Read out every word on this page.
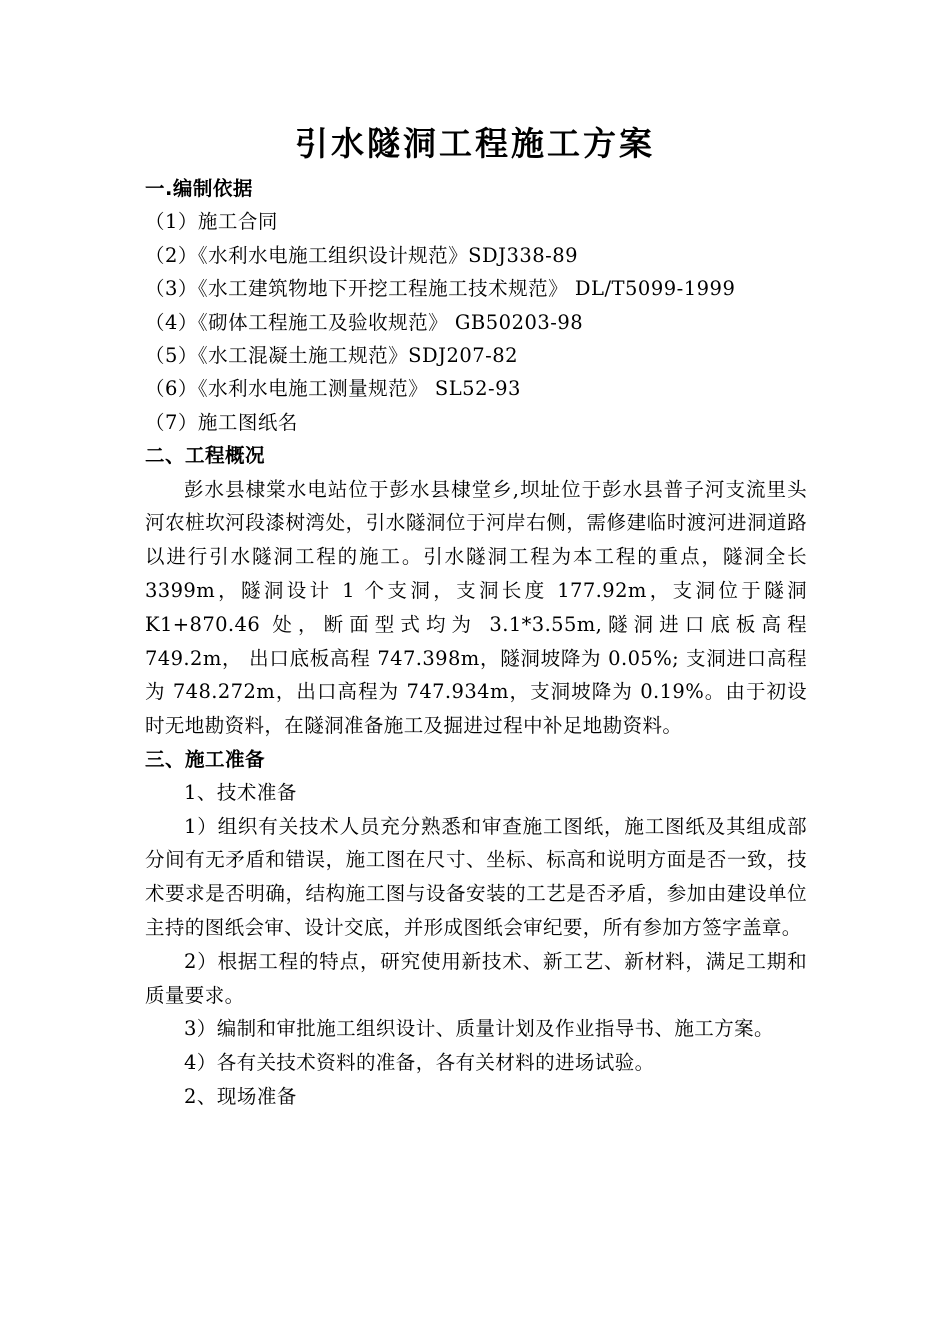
引水隧洞工程施工方案
一.编制依据
（1）施工合同
（2）《水利水电施工组织设计规范》SDJ338-89
（3）《水工建筑物地下开挖工程施工技术规范》 DL/T5099-1999
（4）《砌体工程施工及验收规范》 GB50203-98
（5）《水工混凝土施工规范》SDJ207-82
（6）《水利水电施工测量规范》 SL52-93
（7）施工图纸名
二、工程概况

彭水县棣棠水电站位于彭水县棣堂乡,坝址位于彭水县普子河支流里头河农桩坎河段漆树湾处，引水隧洞位于河岸右侧，需修建临时渡河进洞道路以进行引水隧洞工程的施工。引水隧洞工程为本工程的重点，隧洞全长 3399m，隧洞设计 1 个支洞，支洞长度 177.92m，支洞位于隧洞 K1+870.46 处，断面型式均为 3.1*3.55m,隧洞进口底板高程 749.2m， 出口底板高程 747.398m，隧洞坡降为 0.05%; 支洞进口高程为 748.272m，出口高程为 747.934m，支洞坡降为 0.19%。由于初设时无地勘资料，在隧洞准备施工及掘进过程中补足地勘资料。

三、施工准备
1、技术准备

1）组织有关技术人员充分熟悉和审查施工图纸，施工图纸及其组成部分间有无矛盾和错误，施工图在尺寸、坐标、标高和说明方面是否一致，技术要求是否明确，结构施工图与设备安装的工艺是否矛盾，参加由建设单位主持的图纸会审、设计交底，并形成图纸会审纪要，所有参加方签字盖章。

2）根据工程的特点，研究使用新技术、新工艺、新材料，满足工期和质量要求。

3）编制和审批施工组织设计、质量计划及作业指导书、施工方案。

4）各有关技术资料的准备，各有关材料的进场试验。

2、现场准备
